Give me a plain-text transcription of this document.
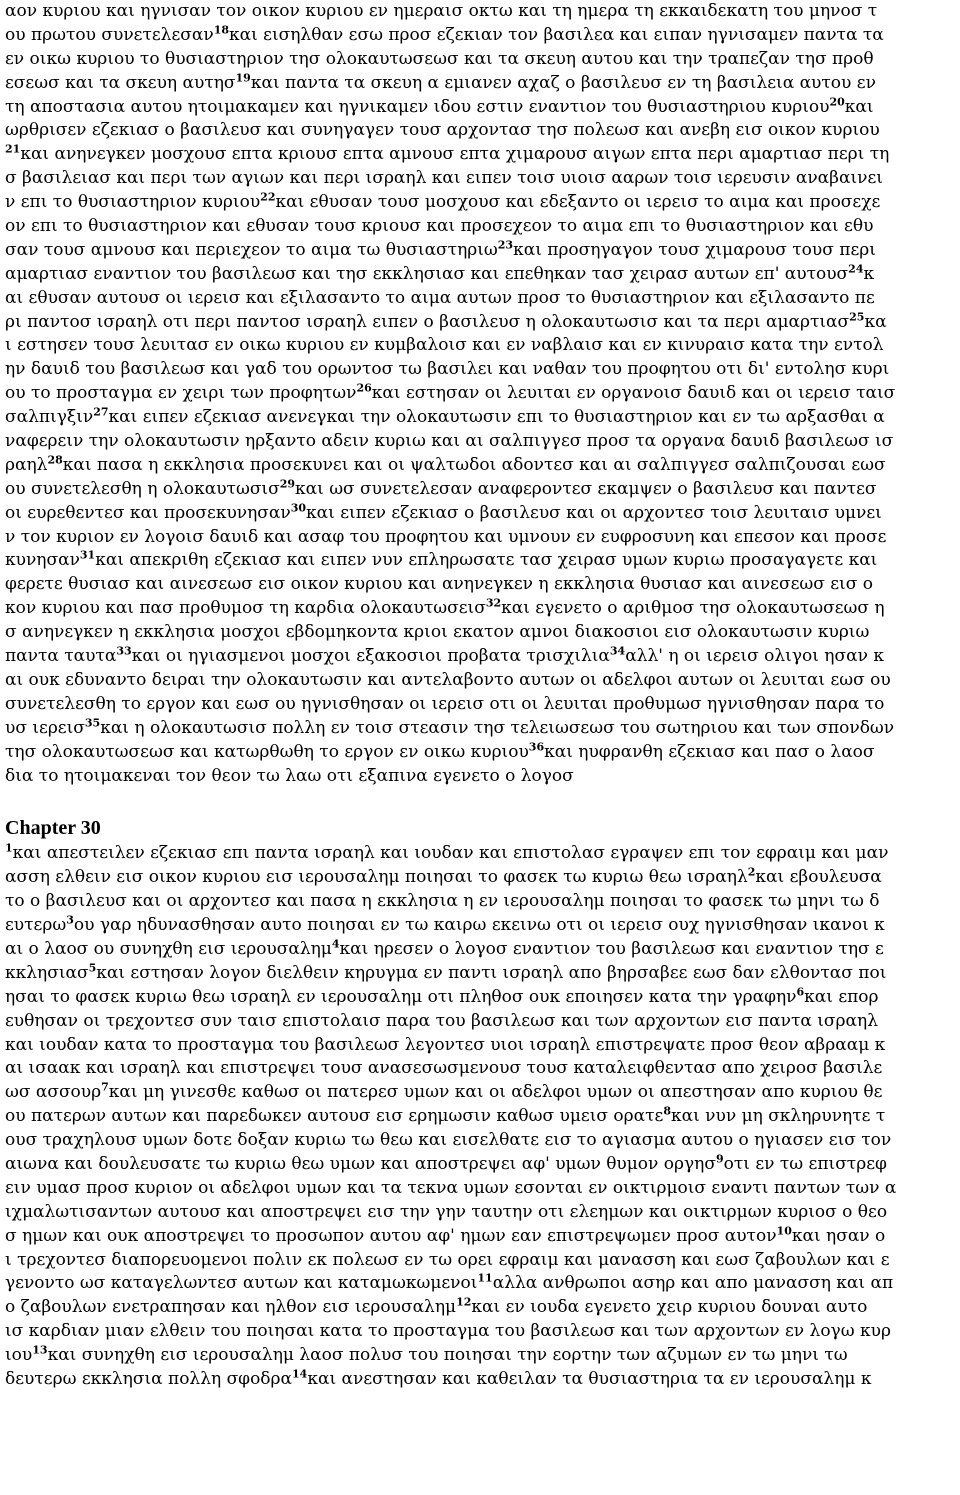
αον κυριου και ηγνισαν τον οικον κυριου εν ημεραισ οκτω και τη ημερα τη εκκαιδεκατη του μηνοσ τ
ου πρωτου συνετελεσαν$^{18}$και εισηλθαν εσω προσ εζεκιαν τον βασιλεα και ειπαν ηγνισαμεν παντα τα
εν οικω κυριου το θυσιαστηριον τησ ολοκαυτωσεωσ και τα σκευη αυτου και την τραπεζαν τησ προθ
εσεωσ και τα σκευη αυτησ$^{19}$και παντα τα σκευη α εμιανεν αχαζ ο βασιλευσ εν τη βασιλεια αυτου εν
τη αποστασια αυτου ητοιμακαμεν και ηγνικαμεν ιδου εστιν εναντιον του θυσιαστηριου κυριου$^{20}$και
ωρθρισεν εζεκιασ ο βασιλευσ και συνηγαγεν τουσ αρχοντασ τησ πολεωσ και ανεβη εισ οικον κυριου
$^{21}$και ανηνεγκεν μοσχουσ επτα κριουσ επτα αμνουσ επτα χιμαρουσ αιγων επτα περι αμαρτιασ περι τη
σ βασιλειασ και περι των αγιων και περι ισραηλ και ειπεν τοισ υιοισ ααρων τοισ ιερευσιν αναβαινει
ν επι το θυσιαστηριον κυριου$^{22}$και εθυσαν τουσ μοσχουσ και εδεξαντο οι ιερεισ το αιμα και προσεχε
ον επι το θυσιαστηριον και εθυσαν τουσ κριουσ και προσεχεον το αιμα επι το θυσιαστηριον και εθυ
σαν τουσ αμνουσ και περιεχεον το αιμα τω θυσιαστηριω$^{23}$και προσηγαγον τουσ χιμαρουσ τουσ περι
αμαρτιασ εναντιον του βασιλεωσ και τησ εκκλησιασ και επεθηκαν τασ χειρασ αυτων επ' αυτουσ$^{24}$κ
αι εθυσαν αυτουσ οι ιερεισ και εξιλασαντο το αιμα αυτων προσ το θυσιαστηριον και εξιλασαντο πε
ρι παντοσ ισραηλ οτι περι παντοσ ισραηλ ειπεν ο βασιλευσ η ολοκαυτωσισ και τα περι αμαρτιασ$^{25}$κα
ι εστησεν τουσ λευιτασ εν οικω κυριου εν κυμβαλοισ και εν ναβλαισ και εν κινυραισ κατα την εντολ
ην δαυιδ του βασιλεωσ και γαδ του ορωντοσ τω βασιλει και ναθαν του προφητου οτι δι' εντολησ κυρι
ου το προσταγμα εν χειρι των προφητων$^{26}$και εστησαν οι λευιται εν οργανοισ δαυιδ και οι ιερεισ ταισ
σαλπιγξιν$^{27}$και ειπεν εζεκιασ ανενεγκαι την ολοκαυτωσιν επι το θυσιαστηριον και εν τω αρξασθαι α
ναφερειν την ολοκαυτωσιν ηρξαντο αδειν κυριω και αι σαλπιγγεσ προσ τα οργανα δαυιδ βασιλεωσ ισ
ραηλ$^{28}$και πασα η εκκλησια προσεκυνει και οι ψαλτωδοι αδοντεσ και αι σαλπιγγεσ σαλπιζουσαι εωσ
ου συνετελεσθη η ολοκαυτωσισ$^{29}$και ωσ συνετελεσαν αναφεροντεσ εκαμψεν ο βασιλευσ και παντεσ
οι ευρεθεντεσ και προσεκυνησαν$^{30}$και ειπεν εζεκιασ ο βασιλευσ και οι αρχοντεσ τοισ λευιταισ υμνει
ν τον κυριον εν λογοισ δαυιδ και ασαφ του προφητου και υμνουν εν ευφροσυνη και επεσον και προσε
κυνησαν$^{31}$και απεκριθη εζεκιασ και ειπεν νυν επληρωσατε τασ χειρασ υμων κυριω προσαγαγετε και
φερετε θυσιασ και αινεσεωσ εισ οικον κυριου και ανηνεγκεν η εκκλησια θυσιασ και αινεσεωσ εισ ο
κον κυριου και πασ προθυμοσ τη καρδια ολοκαυτωσεισ$^{32}$και εγενετο ο αριθμοσ τησ ολοκαυτωσεωσ η
σ ανηνεγκεν η εκκλησια μοσχοι εβδομηκοντα κριοι εκατον αμνοι διακοσιοι εισ ολοκαυτωσιν κυριω
παντα ταυτα$^{33}$και οι ηγιασμενοι μοσχοι εξακοσιοι προβατα τρισχιλια$^{34}$αλλ' η οι ιερεισ ολιγοι ησαν κ
αι ουκ εδυναντο δειραι την ολοκαυτωσιν και αντελαβοντο αυτων οι αδελφοι αυτων οι λευιται εωσ ου
συνετελεσθη το εργον και εωσ ου ηγνισθησαν οι ιερεισ οτι οι λευιται προθυμωσ ηγνισθησαν παρα το
υσ ιερεισ$^{35}$και η ολοκαυτωσισ πολλη εν τοισ στεασιν τησ τελειωσεωσ του σωτηριου και των σπονδων
τησ ολοκαυτωσεωσ και κατωρθωθη το εργον εν οικω κυριου$^{36}$και ηυφρανθη εζεκιασ και πασ ο λαοσ
δια το ητοιμακεναι τον θεον τω λαω οτι εξαπινα εγενετο ο λογοσ
Chapter 30
$^1$και απεστειλεν εζεκιασ επι παντα ισραηλ και ιουδαν και επιστολασ εγραψεν επι τον εφραιμ και μαν
ασση ελθειν εισ οικον κυριου εισ ιερουσαλημ ποιησαι το φασεκ τω κυριω θεω ισραηλ$^2$και εβουλευσα
το ο βασιλευσ και οι αρχοντεσ και πασα η εκκλησια η εν ιερουσαλημ ποιησαι το φασεκ τω μηνι τω δ
ευτερω$^3$ου γαρ ηδυνασθησαν αυτο ποιησαι εν τω καιρω εκεινω οτι οι ιερεισ ουχ ηγνισθησαν ικανοι κ
αι ο λαοσ ου συνηχθη εισ ιερουσαλημ$^4$και ηρεσεν ο λογοσ εναντιον του βασιλεωσ και εναντιον τησ ε
κκλησιασ$^5$και εστησαν λογον διελθειν κηρυγμα εν παντι ισραηλ απο βηρσαβεε εωσ δαν ελθοντασ ποι
ησαι το φασεκ κυριω θεω ισραηλ εν ιερουσαλημ οτι πληθοσ ουκ εποιησεν κατα την γραφην$^6$και επορ
ευθησαν οι τρεχοντεσ συν ταισ επιστολαισ παρα του βασιλεωσ και των αρχοντων εισ παντα ισραηλ
και ιουδαν κατα το προσταγμα του βασιλεωσ λεγοντεσ υιοι ισραηλ επιστρεψατε προσ θεον αβρααμ κ
αι ισαακ και ισραηλ και επιστρεψει τουσ ανασεσωσμενουσ τουσ καταλειφθεντασ απο χειροσ βασιλε
ωσ ασσουρ$^7$και μη γινεσθε καθωσ οι πατερεσ υμων και οι αδελφοι υμων οι απεστησαν απο κυριου θε
ου πατερων αυτων και παρεδωκεν αυτουσ εισ ερημωσιν καθωσ υμεισ ορατε$^8$και νυν μη σκληρυνητε τ
ουσ τραχηλουσ υμων δοτε δοξαν κυριω τω θεω και εισελθατε εισ το αγιασμα αυτου ο ηγιασεν εισ τον
αιωνα και δουλευσατε τω κυριω θεω υμων και αποστρεψει αφ' υμων θυμον οργησ$^9$οτι εν τω επιστρεφ
ειν υμασ προσ κυριον οι αδελφοι υμων και τα τεκνα υμων εσονται εν οικτιρμοισ εναντι παντων των α
ιχμαλωτισαντων αυτουσ και αποστρεψει εισ την γην ταυτην οτι ελεημων και οικτιρμων κυριοσ ο θεο
σ ημων και ουκ αποστρεψει το προσωπον αυτου αφ' ημων εαν επιστρεψωμεν προσ αυτον$^{10}$και ησαν ο
ι τρεχοντεσ διαπορευομενοι πολιν εκ πολεωσ εν τω ορει εφραιμ και μανασση και εωσ ζαβουλων και ε
γενοντο ωσ καταγελωντεσ αυτων και καταμωκωμενοι$^{11}$αλλα ανθρωποι ασηρ και απο μανασση και απ
ο ζαβουλων ενετραπησαν και ηλθον εισ ιερουσαλημ$^{12}$και εν ιουδα εγενετο χειρ κυριου δουναι αυτο
ισ καρδιαν μιαν ελθειν του ποιησαι κατα το προσταγμα του βασιλεωσ και των αρχοντων εν λογω κυρ
ιου$^{13}$και συνηχθη εισ ιερουσαλημ λαοσ πολυσ του ποιησαι την εορτην των αζυμων εν τω μηνι τω
δευτερω εκκλησια πολλη σφοδρα$^{14}$και ανεστησαν και καθειλαν τα θυσιαστηρια τα εν ιερουσαλημ κ
